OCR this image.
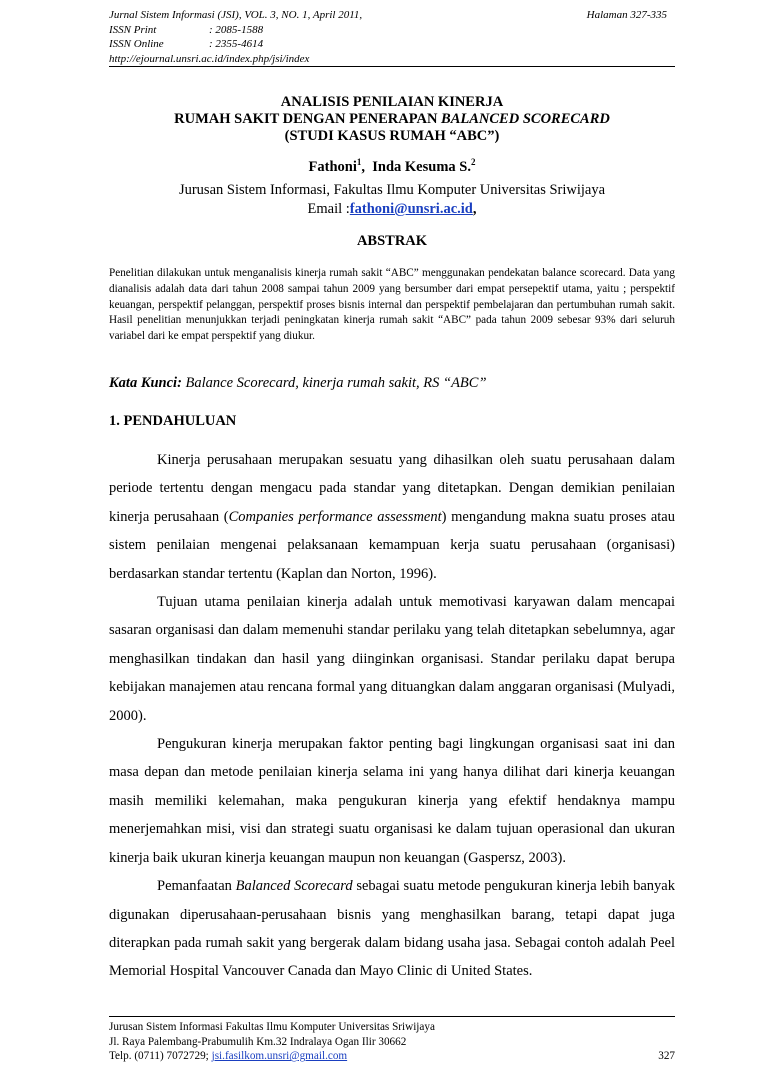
Jurnal Sistem Informasi (JSI), VOL. 3, NO. 1, April 2011,	Halaman 327-335
ISSN Print	: 2085-1588
ISSN Online	: 2355-4614
http://ejournal.unsri.ac.id/index.php/jsi/index
ANALISIS PENILAIAN KINERJA
RUMAH SAKIT DENGAN PENERAPAN BALANCED SCORECARD
(STUDI KASUS RUMAH “ABC”)
Fathoni$^1$,  Inda Kesuma S.$^2$
Jurusan Sistem Informasi, Fakultas Ilmu Komputer Universitas Sriwijaya
Email :fathoni@unsri.ac.id,
ABSTRAK
Penelitian dilakukan untuk menganalisis kinerja rumah sakit “ABC” menggunakan pendekatan balance scorecard. Data yang dianalisis adalah data dari tahun 2008 sampai tahun 2009 yang bersumber dari empat persepektif utama, yaitu ; perspektif keuangan, perspektif pelanggan, perspektif proses bisnis internal dan perspektif pembelajaran dan pertumbuhan rumah sakit. Hasil penelitian menunjukkan terjadi peningkatan kinerja rumah sakit “ABC” pada tahun 2009 sebesar 93% dari seluruh variabel dari ke empat perspektif yang diukur.
Kata Kunci: Balance Scorecard, kinerja rumah sakit, RS “ABC”
1. PENDAHULUAN

Kinerja perusahaan merupakan sesuatu yang dihasilkan oleh suatu perusahaan dalam periode tertentu dengan mengacu pada standar yang ditetapkan. Dengan demikian penilaian kinerja perusahaan (Companies performance assessment) mengandung makna suatu proses atau sistem penilaian mengenai pelaksanaan kemampuan kerja suatu perusahaan (organisasi) berdasarkan standar tertentu (Kaplan dan Norton, 1996).

Tujuan utama penilaian kinerja adalah untuk memotivasi karyawan dalam mencapai sasaran organisasi dan dalam memenuhi standar perilaku yang telah ditetapkan sebelumnya, agar menghasilkan tindakan dan hasil yang diinginkan organisasi. Standar perilaku dapat berupa kebijakan manajemen atau rencana formal yang dituangkan dalam anggaran organisasi (Mulyadi, 2000).

Pengukuran kinerja merupakan faktor penting bagi lingkungan organisasi saat ini dan masa depan dan metode penilaian kinerja selama ini yang hanya dilihat dari kinerja keuangan masih memiliki kelemahan, maka pengukuran kinerja yang efektif hendaknya mampu menerjemahkan misi, visi dan strategi suatu organisasi ke dalam tujuan operasional dan ukuran kinerja baik ukuran kinerja keuangan maupun non keuangan (Gaspersz, 2003).

Pemanfaatan Balanced Scorecard sebagai suatu metode pengukuran kinerja lebih banyak digunakan diperusahaan-perusahaan bisnis yang menghasilkan barang, tetapi dapat juga diterapkan pada rumah sakit yang bergerak dalam bidang usaha jasa. Sebagai contoh adalah Peel Memorial Hospital Vancouver Canada dan Mayo Clinic di United States.

Jurusan Sistem Informasi Fakultas Ilmu Komputer Universitas Sriwijaya
Jl. Raya Palembang-Prabumulih Km.32 Indralaya Ogan Ilir 30662
Telp. (0711) 7072729; jsi.fasilkom.unsri@gmail.com	327
